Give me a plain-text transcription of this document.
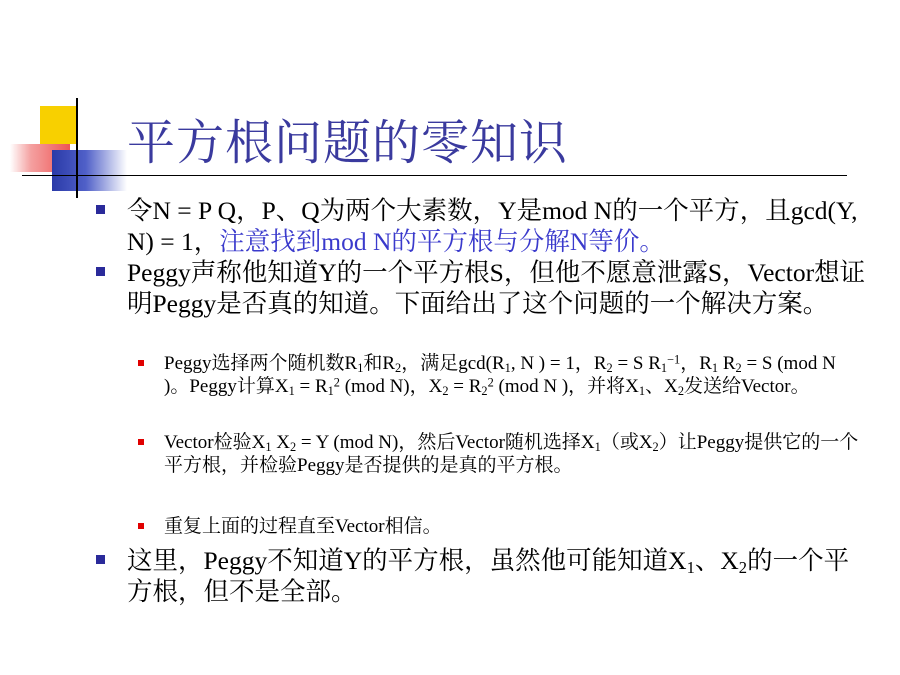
平方根问题的零知识
令N = P Q，P、Q为两个大素数，Y是mod N的一个平方，且gcd(Y, N) = 1，注意找到mod N的平方根与分解N等价。
Peggy声称他知道Y的一个平方根S，但他不愿意泄露S，Vector想证明Peggy是否真的知道。下面给出了这个问题的一个解决方案。
Peggy选择两个随机数$R_1$和$R_2$，满足$\gcd(R_1$, N ) = 1，$R_2 = S$ $R_1^{-1}$，$R_1$ $R_2 = S$ (mod N )。Peggy计算$X_1 = R_1^2$ (mod N)，$X_2 = R_2^2$ (mod N )，并将$X_1$、$X_2$发送给Vector。
Vector检验$X_1$ $X_2 = Y$ (mod N)，然后Vector随机选择$X_1$（或$X_2$）让Peggy提供它的一个平方根，并检验Peggy是否提供的是真的平方根。
重复上面的过程直至Vector相信。
这里，Peggy不知道Y的平方根，虽然他可能知道$X_1$、$X_2$的一个平方根，但不是全部。
